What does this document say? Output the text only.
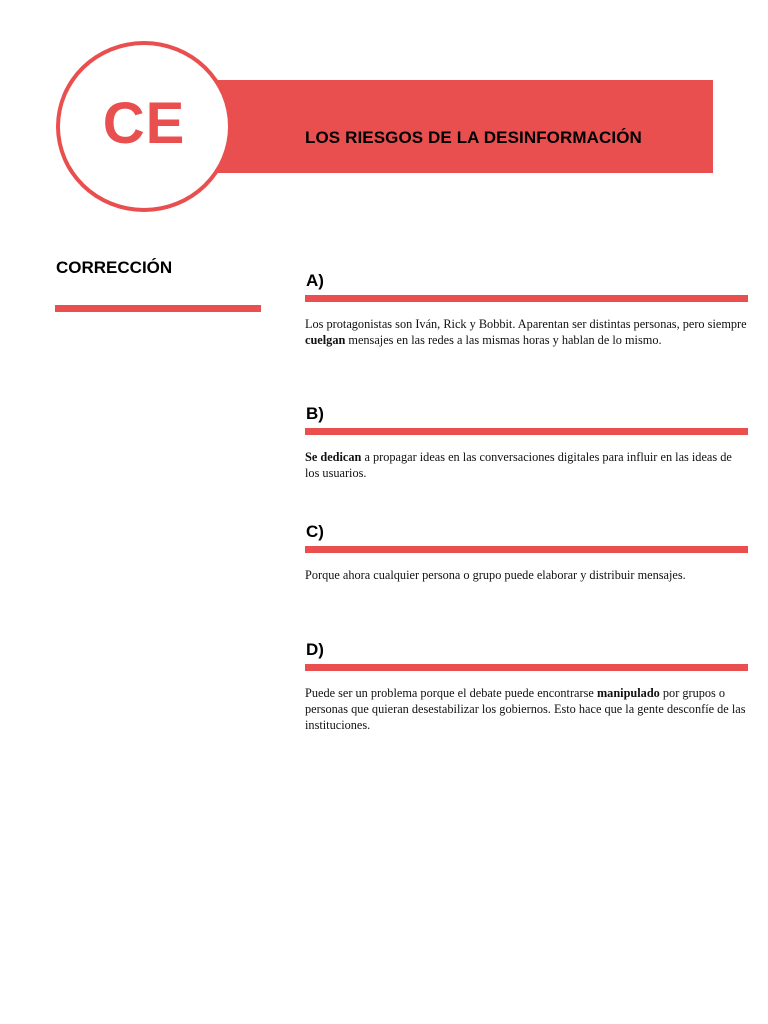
LOS RIESGOS DE LA DESINFORMACIÓN
CE
CORRECCIÓN
A)
Los protagonistas son Iván, Rick y Bobbit. Aparentan ser distintas personas, pero siempre cuelgan mensajes en las redes a las mismas horas y hablan de lo mismo.
B)
Se dedican a propagar ideas en las conversaciones digitales para influir en las ideas de los usuarios.
C)
Porque ahora cualquier persona o grupo puede elaborar y distribuir mensajes.
D)
Puede ser un problema porque el debate puede encontrarse manipulado por grupos o personas que quieran desestabilizar los gobiernos. Esto hace que la gente desconfíe de las instituciones.
